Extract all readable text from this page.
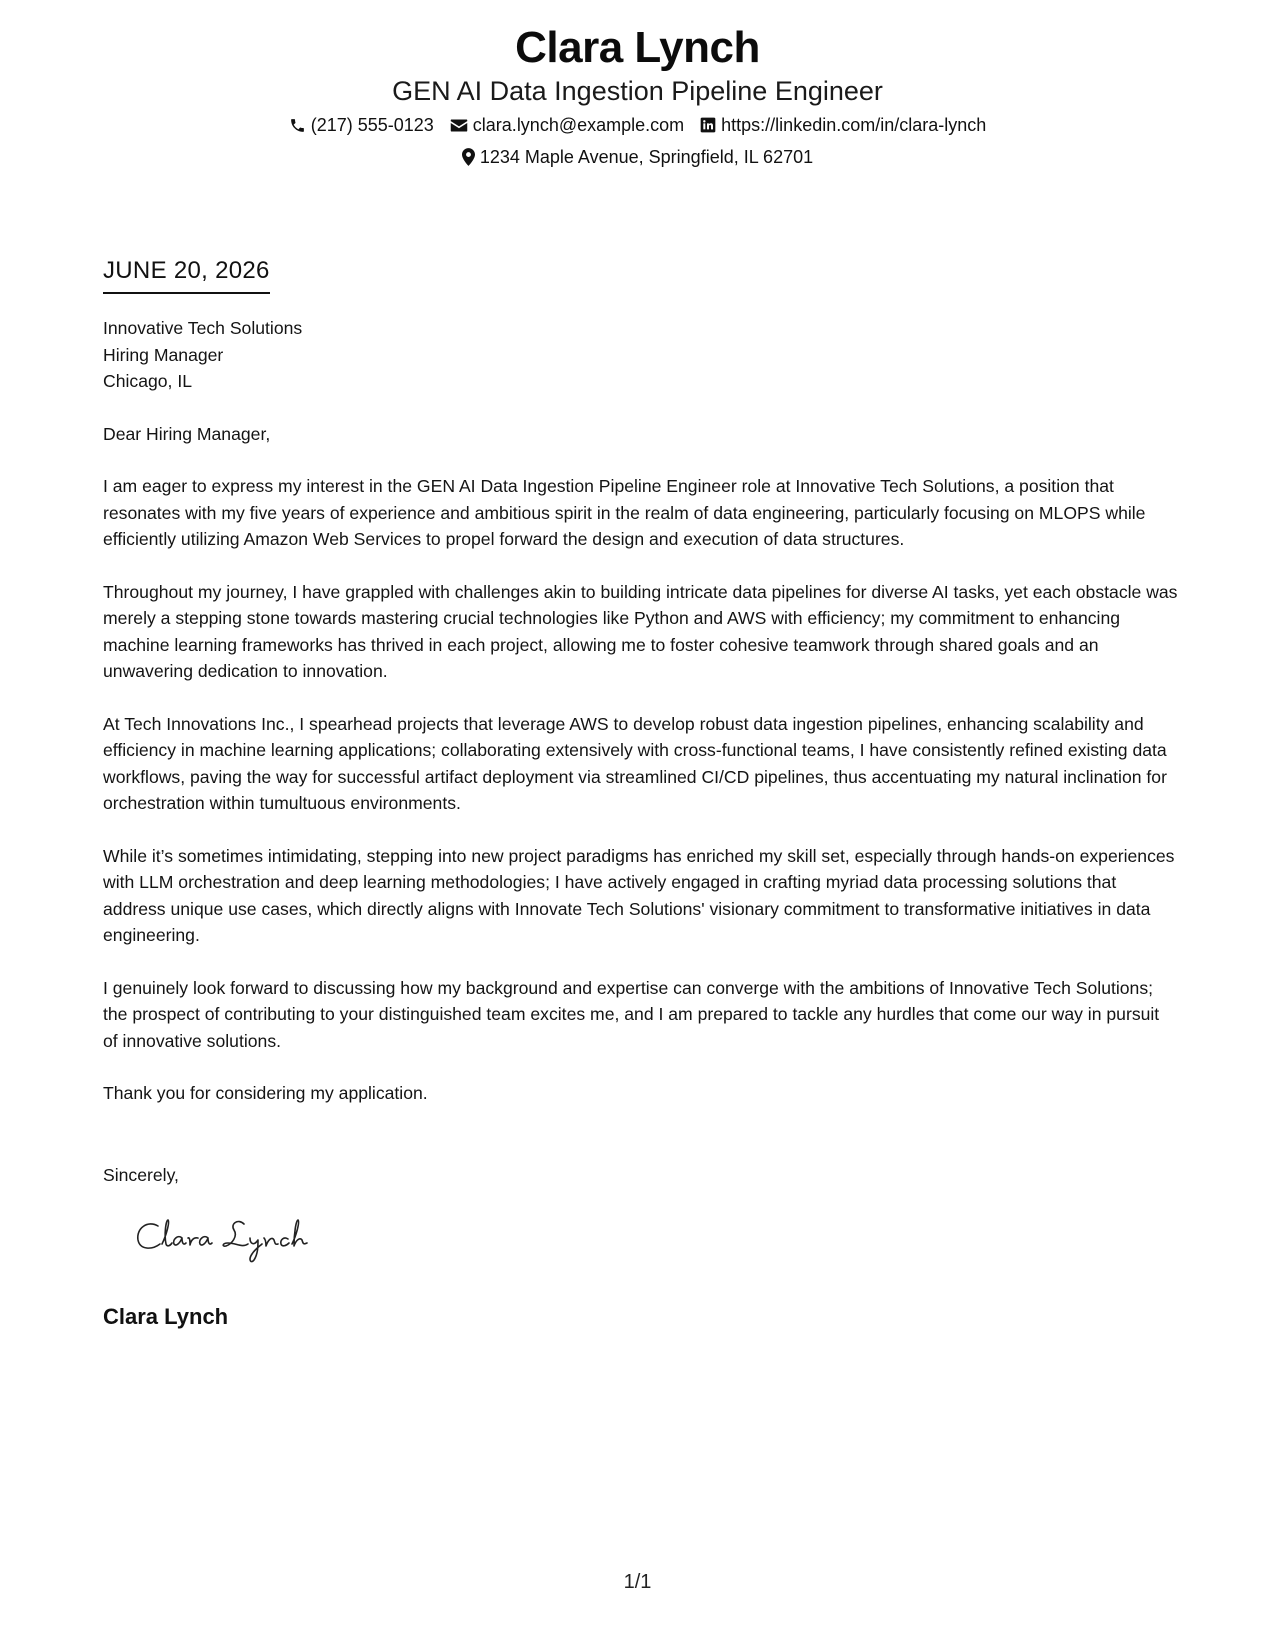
Clara Lynch
GEN AI Data Ingestion Pipeline Engineer
(217) 555-0123 clara.lynch@example.com https://linkedin.com/in/clara-lynch
1234 Maple Avenue, Springfield, IL 62701
JUNE 20, 2026
Innovative Tech Solutions
Hiring Manager
Chicago, IL
Dear Hiring Manager,

I am eager to express my interest in the GEN AI Data Ingestion Pipeline Engineer role at Innovative Tech Solutions, a position that resonates with my five years of experience and ambitious spirit in the realm of data engineering, particularly focusing on MLOPS while efficiently utilizing Amazon Web Services to propel forward the design and execution of data structures.

Throughout my journey, I have grappled with challenges akin to building intricate data pipelines for diverse AI tasks, yet each obstacle was merely a stepping stone towards mastering crucial technologies like Python and AWS with efficiency; my commitment to enhancing machine learning frameworks has thrived in each project, allowing me to foster cohesive teamwork through shared goals and an unwavering dedication to innovation.

At Tech Innovations Inc., I spearhead projects that leverage AWS to develop robust data ingestion pipelines, enhancing scalability and efficiency in machine learning applications; collaborating extensively with cross-functional teams, I have consistently refined existing data workflows, paving the way for successful artifact deployment via streamlined CI/CD pipelines, thus accentuating my natural inclination for orchestration within tumultuous environments.

While it’s sometimes intimidating, stepping into new project paradigms has enriched my skill set, especially through hands-on experiences with LLM orchestration and deep learning methodologies; I have actively engaged in crafting myriad data processing solutions that address unique use cases, which directly aligns with Innovate Tech Solutions' visionary commitment to transformative initiatives in data engineering.

I genuinely look forward to discussing how my background and expertise can converge with the ambitions of Innovative Tech Solutions; the prospect of contributing to your distinguished team excites me, and I am prepared to tackle any hurdles that come our way in pursuit of innovative solutions.

Thank you for considering my application.

Sincerely,
Clara Lynch
1/1
